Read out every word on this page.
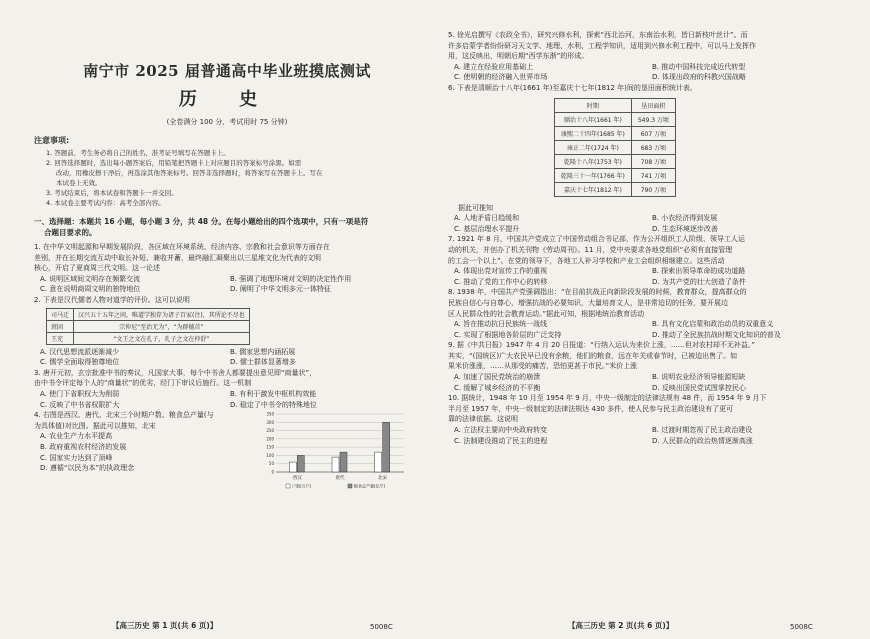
南宁市 2025 届普通高中毕业班摸底测试
历 史
(全卷满分 100 分，考试用时 75 分钟)
注意事项:
1. 答题前，考生务必将自己的姓名、准考证号填写在答题卡上。
2. 回答选择题时，选出每小题答案后，用铅笔把答题卡上对应题目的答案标号涂黑。如需
改动，用橡皮擦干净后，再选涂其他答案标号。回答非选择题时，将答案写在答题卡上。写在
本试卷上无效。
3. 考试结束后，将本试卷和答题卡一并交回。
4. 本试卷主要考试内容：高考全部内容。
一、选择题：本题共 16 小题，每小题 3 分，共 48 分。在每小题给出的四个选项中，只有一项是符
合题目要求的。
1. 在中华文明起源和早期发展阶段，各区域在环境系统、经济内容、宗教和社会意识等方面存在
差别，并在长期交流互动中取长补短、兼收并蓄，最终融汇凝聚出以三星堆文化为代表的文明
核心，开启了夏商周三代文明。这一论述
A. 说明区域间文明存在频繁交流	B. 强调了地理环境对文明的决定性作用
C. 意在说明商周文明的独特地位	D. 阐明了中华文明多元一体特征
2. 下表是汉代儒者人物对道学的评价。这可以说明
司马迁	汉兴五十五年之间，唯道学独存为诸子百家(注)，其所论不尽也
班固	宗仲尼“至治无为”，“为群德首”
王充	“文王之文在孔子，孔子之文在仲舒”
A. 汉代思想流派逐渐减少	B. 儒家思想内涵拓展
C. 儒学全面取得独尊地位	D. 儒士群体显著增多
3. 唐开元初，玄宗批准中书的奏议，凡国家大事，每个中书舍人都要提出意见即“商量状”，
由中书令评定每个人的“商量状”的优劣，经门下审议后施行。这一机制
A. 使门下省职权大为削弱	B. 有利于激发中枢机构效能
C. 反映了中书省权限扩大	D. 稳定了中书令的特殊地位
4. 右图是西汉、唐代、北宋三个时期户数、粮食总产量(与
为具体值)对比图。据此可以推知，北宋
A. 农业生产力水平提高
B. 政府重视农村经济的发展
C. 国家实力达到了顶峰
D. 遵循“以民为本”的执政理念
0
50
100
150
200
250
300
350
西汉	唐代	北宋
户数(万户)	粮食总产量(亿斤)
【高三历史 第 1 页(共 6 页)】	5008C
5. 徐光启撰写《农政全书》，研究兴修水利，探索“西北治河，东南治水利，皆日新枝叶丝计”。而
许多启蒙学者纷纷研习天文学、地理、水利、工程学知识，适用到兴修水利工程中，可以马上发挥作
用，这反映出，明朝后期“西学东渐”的形成。
A. 建立在经验应用基础上	B. 推动中国科技完成近代转型
C. 使明朝的经济融入世界市场	D. 体现出政府的科教兴国战略
6. 下表是清顺治十八年(1661 年)至嘉庆十七年(1812 年)间的垦田面积统计表。
时期	垦田面积
顺治十八年(1661 年)	549.3 万顷
康熙二十四年(1685 年)	607 万顷
雍正二年(1724 年)	683 万顷
乾隆十八年(1753 年)	708 万顷
乾隆三十一年(1766 年)	741 万顷
嘉庆十七年(1812 年)	790 万顷
据此可推知
A. 人地矛盾日趋缓和	B. 小农经济得到发展
C. 基层治理水平提升	D. 生态环境逐步改善
7. 1921 年 8 月，中国共产党成立了中国劳动组合书记部，作为公开组织工人阶级、领导工人运
动的机关，并创办了机关刊物《劳动周刊》。11 月，党中央要求各地党组织“必须有直接管理
的工会一个以上”。在党的领导下，各地工人补习学校和产业工会组织相继建立。这些活动
A. 体现出党对宣传工作的重视	B. 探索出领导革命的成功道路
C. 推动了党的工作中心的转移	D. 为共产党的壮大创造了条件
8. 1938 年，中国共产党强调指出：“在目前抗战正向新阶段发展的时候，教育群众，提高群众的
民族自信心与自尊心，增强抗战的必要知识，大量培育文人，是非常迫切的任务，要开展边
区人民群众性的社会教育运动。”据此可知，根据地统治教育活动
A. 旨在推动抗日民族统一战线	B. 具有文化启蒙和政治动员的双重意义
C. 实现了根据地各阶层的广泛支持	D. 推动了全民族抗战时期文化知识的普及
9. 据《中共日报》1947 年 4 月 20 日报道：“行纳入运认为来价上涨，……但对农村却不无补益。”
其实，“(国统区)广大农民早已没有余粮，他们的粮食，远在年关或春节时，已被迫出售了。如
果米价涨涨，……从那受的痛苦，恐怕更甚于市民。”米价上涨
A. 加速了国民党统治的崩溃	B. 说明农业经济领导能源短缺
C. 缓解了城乡经济的不平衡	D. 反映出国民党试图掌控民心
10. 据统计，1948 年 10 月至 1954 年 9 月，中央一级制定的法律法规有 48 件，而 1954 年 9 月下
半月至 1957 年，中央一级制定的法律法规达 430 多件，使人民参与民主政治建设有了更可
靠的法律依据。这说明
A. 立法权主要向中央政府转变	B. 过渡时期忽视了民主政治建设
C. 法制建设推动了民主的进程	D. 人民群众的政治热情逐渐高涨
【高三历史 第 2 页(共 6 页)】	5008C
